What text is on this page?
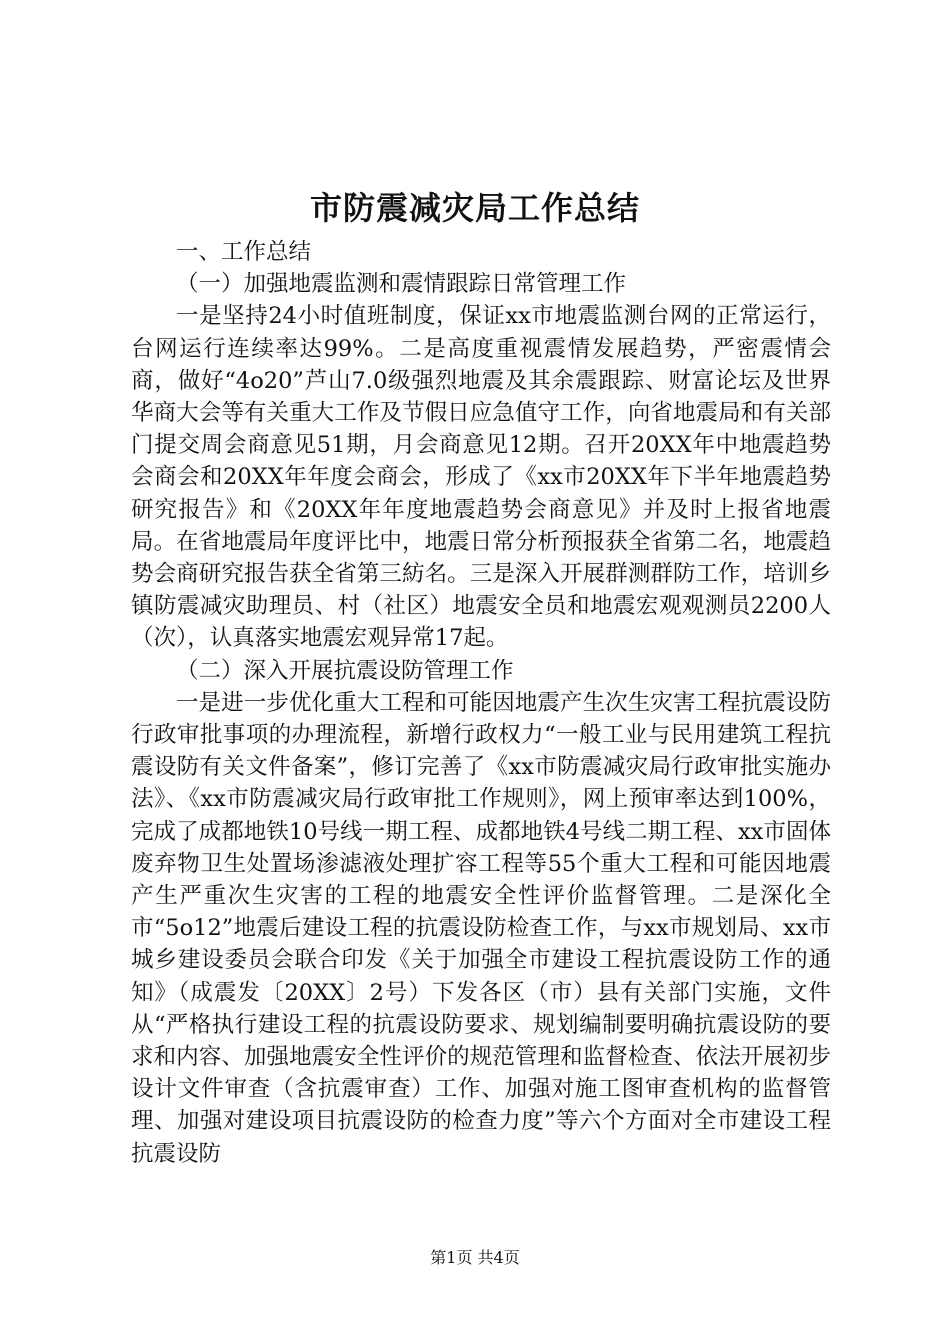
市防震减灾局工作总结

一、工作总结

（一）加强地震监测和震情跟踪日常管理工作

一是坚持24小时值班制度，保证xx市地震监测台网的正常运行，台网运行连续率达99%。二是高度重视震情发展趋势，严密震情会商，做好“4o20”芦山7.0级强烈地震及其余震跟踪、财富论坛及世界华商大会等有关重大工作及节假日应急值守工作，向省地震局和有关部门提交周会商意见51期，月会商意见12期。召开20XX年中地震趋势会商会和20XX年年度会商会，形成了《xx市20XX年下半年地震趋势研究报告》和《20XX年年度地震趋势会商意见》并及时上报省地震局。在省地震局年度评比中，地震日常分析预报获全省第二名，地震趋势会商研究报告获全省第三紡名。三是深入开展群测群防工作，培训乡镇防震减灾助理员、村（社区）地震安全员和地震宏观观测员2200人（次），认真落实地震宏观异常17起。

（二）深入开展抗震设防管理工作

一是进一步优化重大工程和可能因地震产生次生灾害工程抗震设防行政审批事项的办理流程，新增行政权力“一般工业与民用建筑工程抗震设防有关文件备案”，修订完善了《xx市防震减灾局行政审批实施办法》、《xx市防震减灾局行政审批工作规则》，网上预审率达到100%，完成了成都地铁10号线一期工程、成都地铁4号线二期工程、xx市固体废弃物卫生处置场渗滤液处理扩容工程等55个重大工程和可能因地震产生严重次生灾害的工程的地震安全性评价监督管理。二是深化全市“5o12”地震后建设工程的抗震设防检查工作，与xx市规划局、xx市城乡建设委员会联合印发《关于加强全市建设工程抗震设防工作的通知》（成震发〔20XX〕2号）下发各区（市）县有关部门实施，文件从“严格执行建设工程的抗震设防要求、规划编制要明确抗震设防的要求和内容、加强地震安全性评价的规范管理和监督检查、依法开展初步设计文件审查（含抗震审查）工作、加强对施工图审查机构的监督管理、加强对建设项目抗震设防的检查力度”等六个方面对全市建设工程抗震设防

第1页 共4页
